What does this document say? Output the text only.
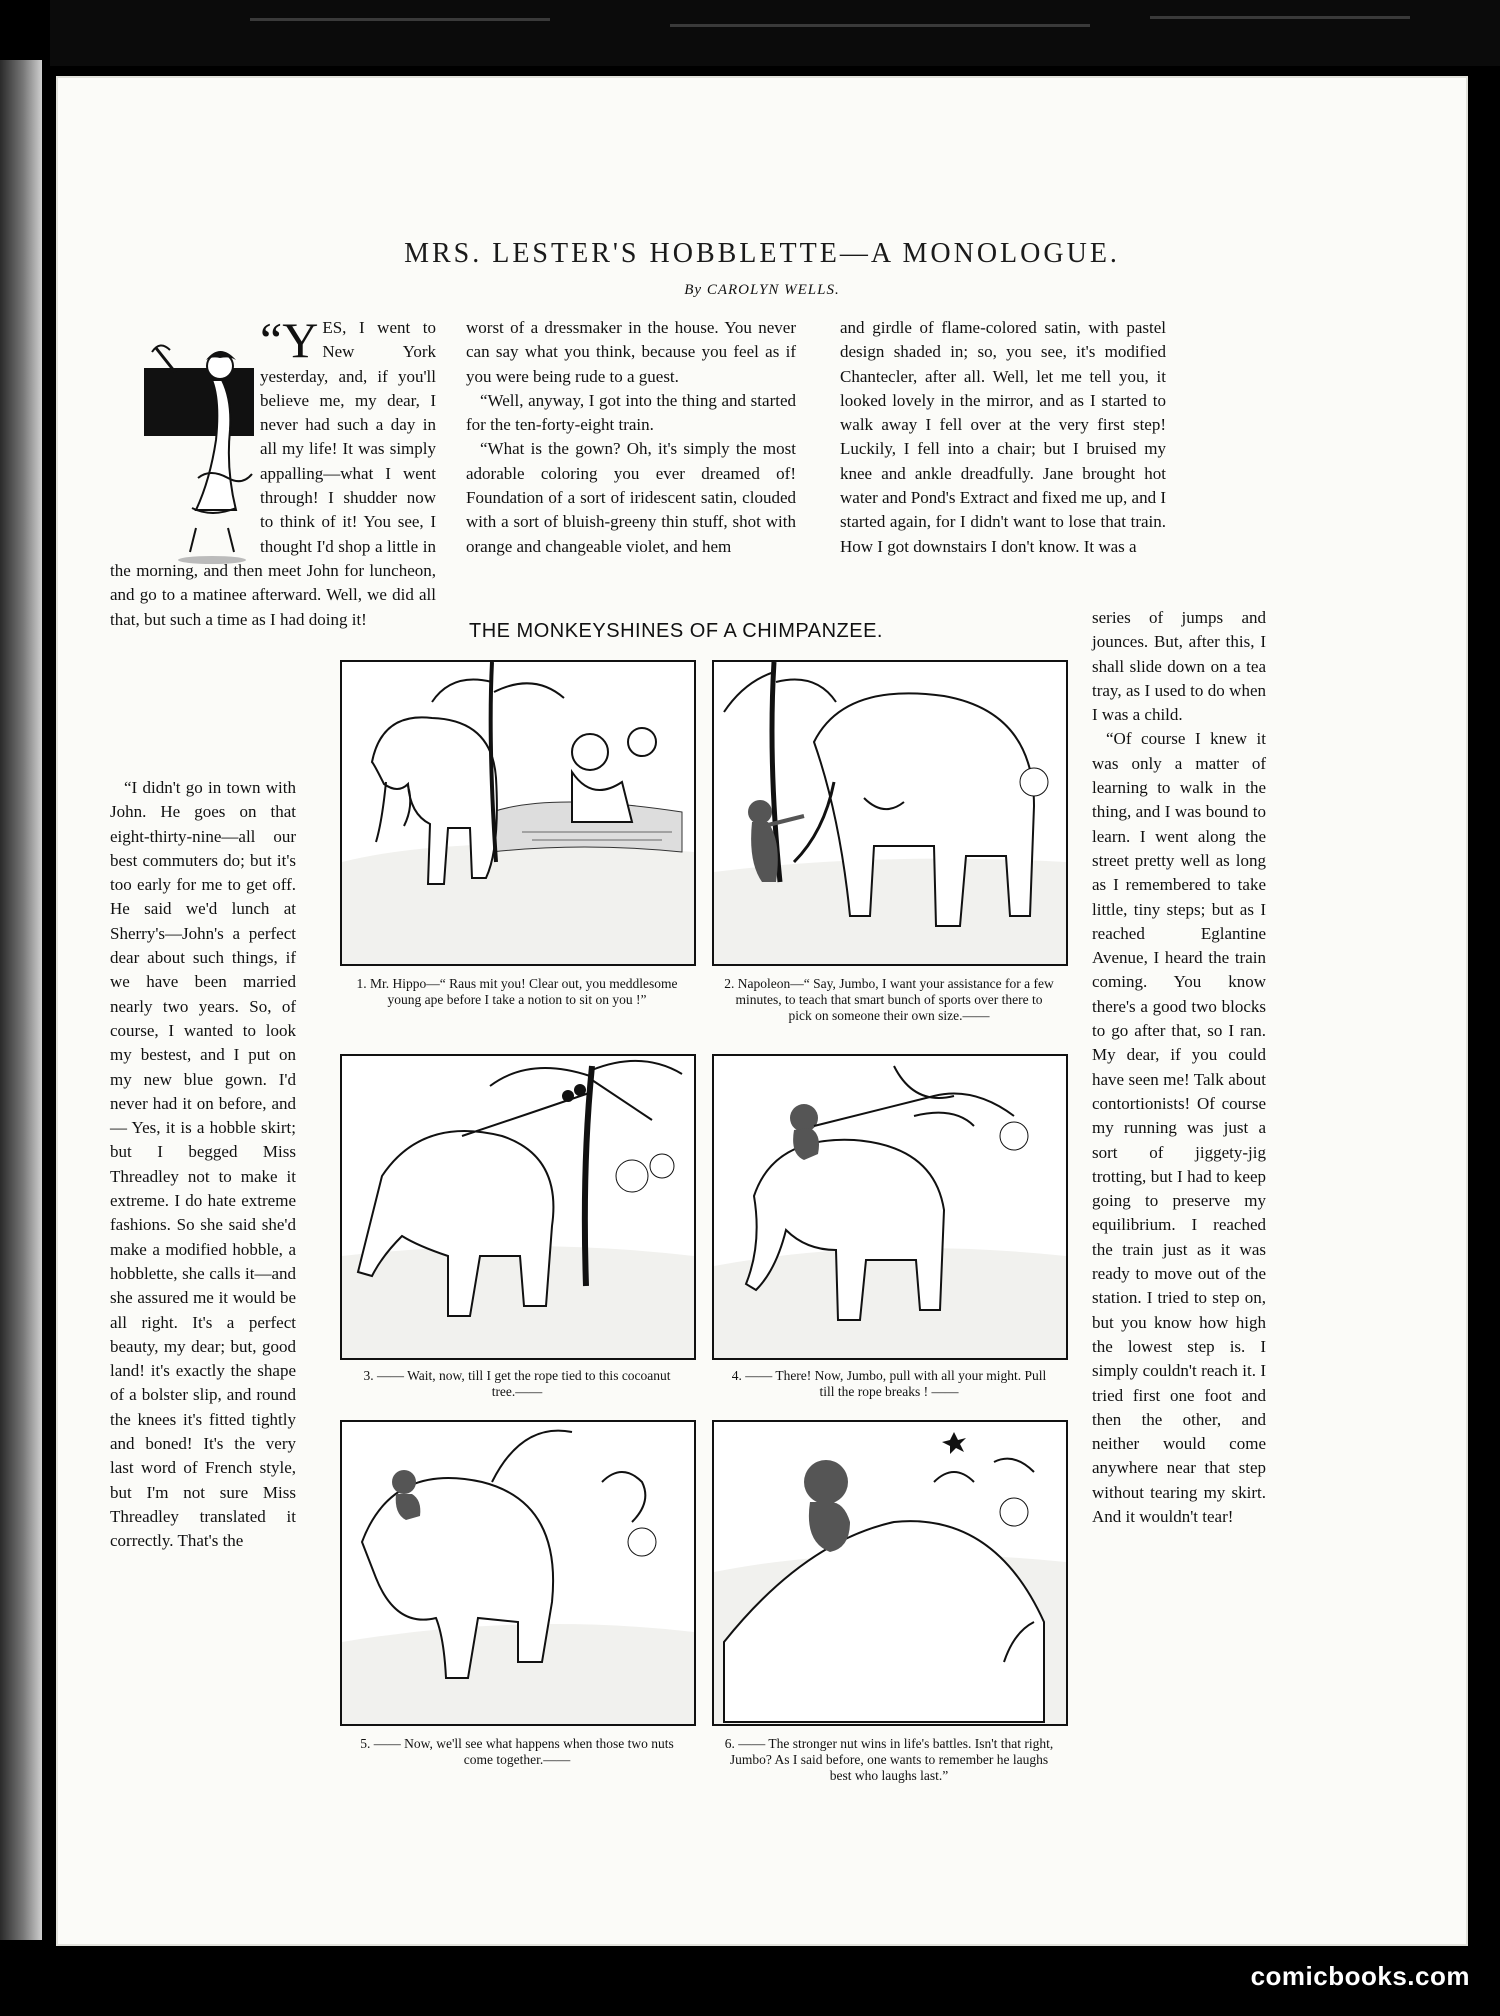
MRS. LESTER'S HOBBLETTE—A MONOLOGUE.
By CAROLYN WELLS.

“Y ES, I went to New York yesterday, and, if you'll believe me, my dear, I never had such a day in all my life! It was simply appalling—what I went through! I shudder now to think of it! You see, I thought I'd shop a little in the morning, and then meet John for luncheon, and go to a matinee afterward. Well, we did all that, but such a time as I had doing it!

“I didn't go in town with John. He goes on that eight-thirty-nine—all our best commuters do; but it's too early for me to get off. He said we'd lunch at Sherry's—John's a perfect dear about such things, if we have been married nearly two years. So, of course, I wanted to look my bestest, and I put on my new blue gown. I'd never had it on before, and— Yes, it is a hobble skirt; but I begged Miss Threadley not to make it extreme. I do hate extreme fashions. So she said she'd make a modified hobble, a hobblette, she calls it—and she assured me it would be all right. It's a perfect beauty, my dear; but, good land! it's exactly the shape of a bolster slip, and round the knees it's fitted tightly and boned! It's the very last word of French style, but I'm not sure Miss Threadley translated it correctly. That's the

worst of a dressmaker in the house. You never can say what you think, because you feel as if you were being rude to a guest.

“Well, anyway, I got into the thing and started for the ten-forty-eight train.

“What is the gown? Oh, it's simply the most adorable coloring you ever dreamed of! Foundation of a sort of iridescent satin, clouded with a sort of bluish-greeny thin stuff, shot with orange and changeable violet, and hem

and girdle of flame-colored satin, with pastel design shaded in; so, you see, it's modified Chantecler, after all. Well, let me tell you, it looked lovely in the mirror, and as I started to walk away I fell over at the very first step! Luckily, I fell into a chair; but I bruised my knee and ankle dreadfully. Jane brought hot water and Pond's Extract and fixed me up, and I started again, for I didn't want to lose that train. How I got downstairs I don't know. It was a

series of jumps and jounces. But, after this, I shall slide down on a tea tray, as I used to do when I was a child.

“Of course I knew it was only a matter of learning to walk in the thing, and I was bound to learn. I went along the street pretty well as long as I remembered to take little, tiny steps; but as I reached Eglantine Avenue, I heard the train coming. You know there's a good two blocks to go after that, so I ran. My dear, if you could have seen me! Talk about contortionists! Of course my running was just a sort of jiggety-jig trotting, but I had to keep going to preserve my equilibrium. I reached the train just as it was ready to move out of the station. I tried to step on, but you know how high the lowest step is. I simply couldn't reach it. I tried first one foot and then the other, and neither would come anywhere near that step without tearing my skirt. And it wouldn't tear!

THE MONKEYSHINES OF A CHIMPANZEE.
1. Mr. Hippo—“ Raus mit you! Clear out, you meddlesome young ape before I take a notion to sit on you !”
2. Napoleon—“ Say, Jumbo, I want your assistance for a few minutes, to teach that smart bunch of sports over there to pick on someone their own size.——
3. —— Wait, now, till I get the rope tied to this cocoanut tree.——
4. —— There! Now, Jumbo, pull with all your might. Pull till the rope breaks ! ——
5. —— Now, we'll see what happens when those two nuts come together.——
6. —— The stronger nut wins in life's battles. Isn't that right, Jumbo? As I said before, one wants to remember he laughs best who laughs last.”
comicbooks.com
